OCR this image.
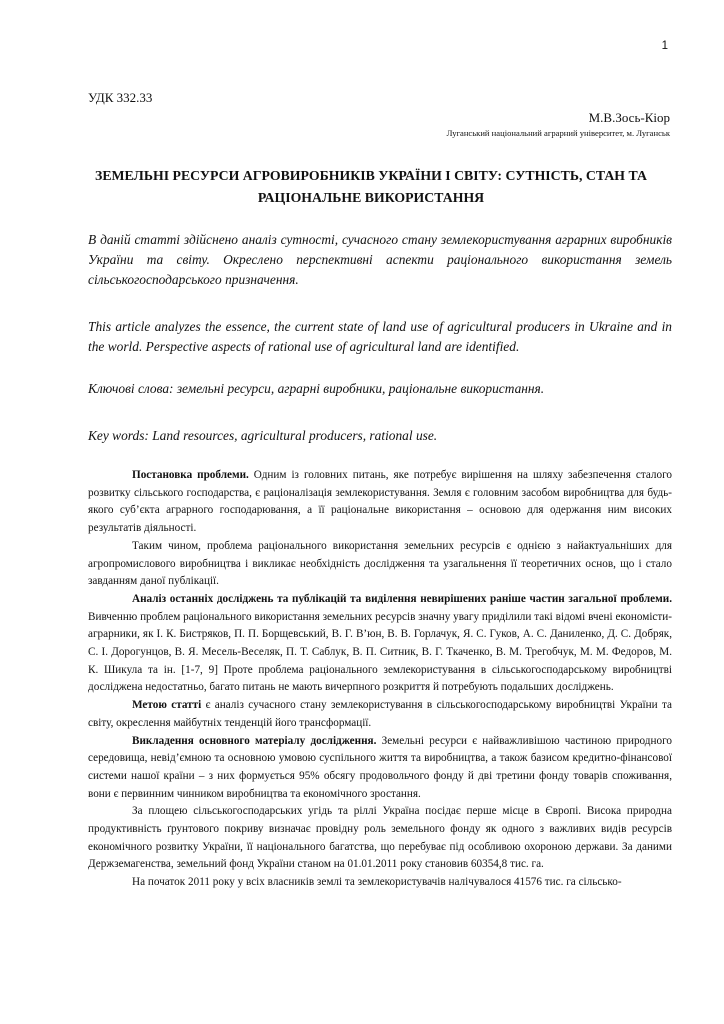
1
УДК 332.33
М.В.Зось-Кіор
Луганський національний аграрний університет, м. Луганськ
ЗЕМЕЛЬНІ РЕСУРСИ АГРОВИРОБНИКІВ УКРАЇНИ І СВІТУ: СУТНІСТЬ, СТАН ТА РАЦІОНАЛЬНЕ ВИКОРИСТАННЯ

В даній статті здійснено аналіз сутності, сучасного стану землекористування аграрних виробників України та світу. Окреслено перспективні аспекти раціонального використання земель сільськогосподарського призначення.

This article analyzes the essence, the current state of land use of agricultural producers in Ukraine and in the world. Perspective aspects of rational use of agricultural land are identified.

Ключові слова: земельні ресурси, аграрні виробники, раціональне використання.

Key words: Land resources, agricultural producers, rational use.

Постановка проблеми. Одним із головних питань, яке потребує вирішення на шляху забезпечення сталого розвитку сільського господарства, є раціоналізація землекористування. Земля є головним засобом виробництва для будь-якого суб’єкта аграрного господарювання, а її раціональне використання – основою для одержання ним високих результатів діяльності.

Таким чином, проблема раціонального використання земельних ресурсів є однією з найактуальніших для агропромислового виробництва і викликає необхідність дослідження та узагальнення її теоретичних основ, що і стало завданням даної публікації.

Аналіз останніх досліджень та публікацій та виділення невирішених раніше частин загальної проблеми. Вивченню проблем раціонального використання земельних ресурсів значну увагу приділили такі відомі вчені економісти-аграрники, як І. К. Бистряков, П. П. Борщевський, В. Г. В’юн, В. В. Горлачук, Я. С. Гуков, А. С. Даниленко, Д. С. Добряк, С. І. Дорогунцов, В. Я. Месель-Веселяк, П. Т. Саблук, В. П. Ситник, В. Г. Ткаченко, В. М. Трегобчук, М. М. Федоров, М. К. Шикула та ін. [1-7, 9] Проте проблема раціонального землекористування в сільськогосподарському виробництві досліджена недостатньо, багато питань не мають вичерпного розкриття й потребують подальших досліджень.

Метою статті є аналіз сучасного стану землекористування в сільськогосподарському виробництві України та світу, окреслення майбутніх тенденцій його трансформації.

Викладення основного матеріалу дослідження. Земельні ресурси є найважливішою частиною природного середовища, невід’ємною та основною умовою суспільного життя та виробництва, а також базисом кредитно-фінансової системи нашої країни – з них формується 95% обсягу продовольчого фонду й дві третини фонду товарів споживання, вони є первинним чинником виробництва та економічного зростання.

За площею сільськогосподарських угідь та ріллі Україна посідає перше місце в Європі. Висока природна продуктивність ґрунтового покриву визначає провідну роль земельного фонду як одного з важливих видів ресурсів економічного розвитку України, її національного багатства, що перебуває під особливою охороною держави. За даними Держземагенства, земельний фонд України станом на 01.01.2011 року становив 60354,8 тис. га.

На початок 2011 року у всіх власників землі та землекористувачів налічувалося 41576 тис. га сільсько-
